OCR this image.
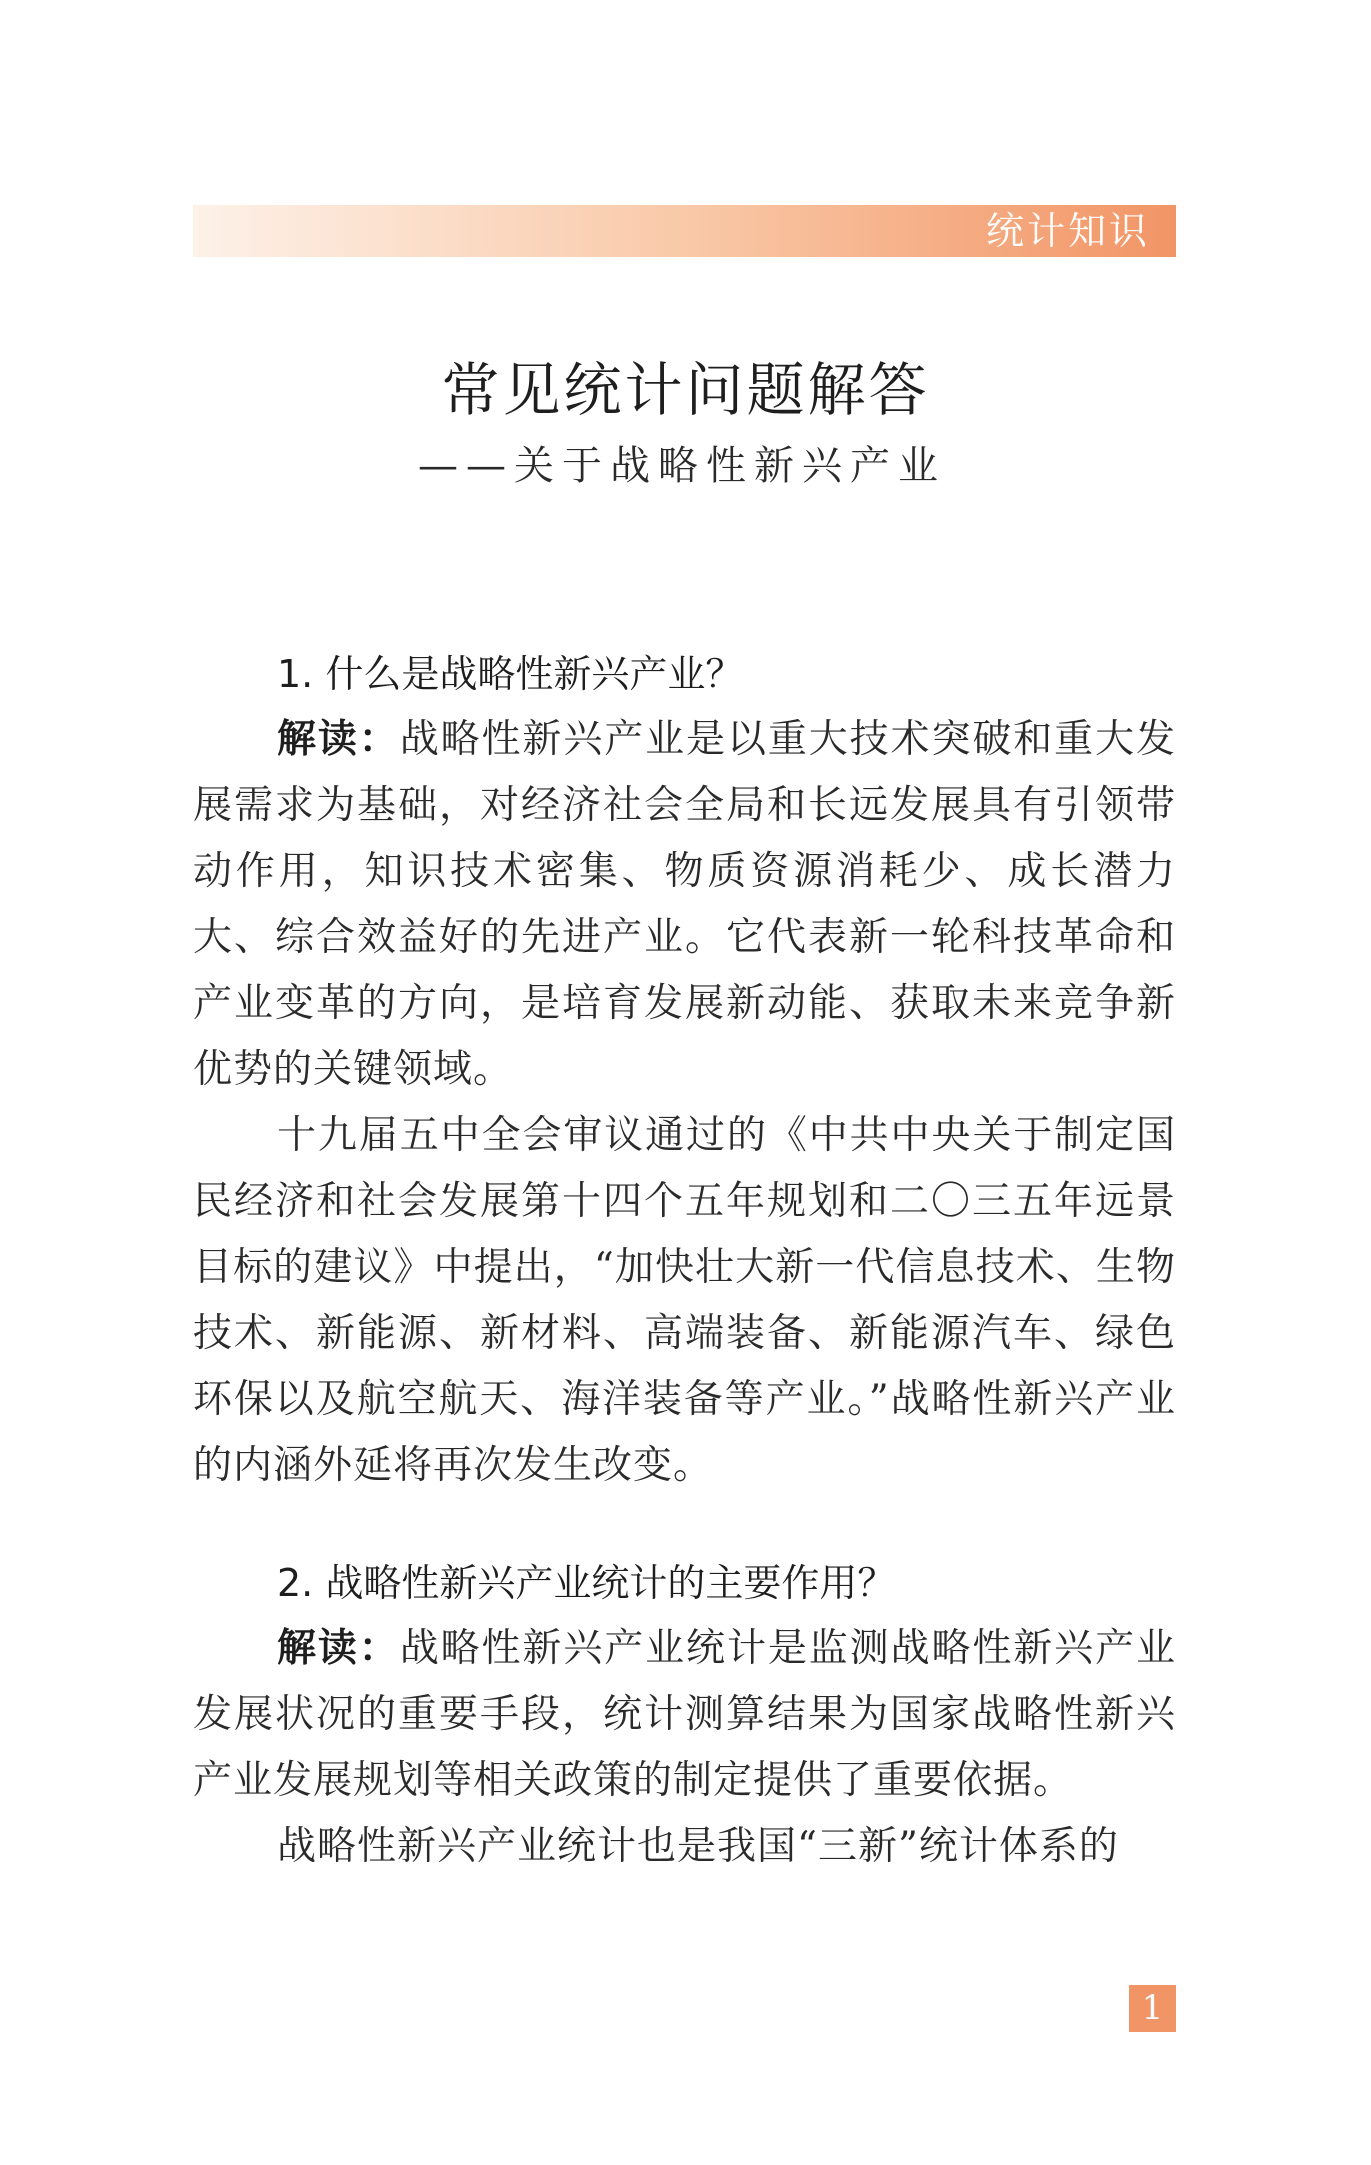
统计知识
常见统计问题解答
——关于战略性新兴产业

1. 什么是战略性新兴产业？

解读：战略性新兴产业是以重大技术突破和重大发展需求为基础，对经济社会全局和长远发展具有引领带动作用，知识技术密集、物质资源消耗少、成长潜力大、综合效益好的先进产业。它代表新一轮科技革命和产业变革的方向，是培育发展新动能、获取未来竞争新优势的关键领域。

十九届五中全会审议通过的《中共中央关于制定国民经济和社会发展第十四个五年规划和二〇三五年远景目标的建议》中提出，“加快壮大新一代信息技术、生物技术、新能源、新材料、高端装备、新能源汽车、绿色环保以及航空航天、海洋装备等产业。”战略性新兴产业的内涵外延将再次发生改变。

2. 战略性新兴产业统计的主要作用？

解读：战略性新兴产业统计是监测战略性新兴产业发展状况的重要手段，统计测算结果为国家战略性新兴产业发展规划等相关政策的制定提供了重要依据。

战略性新兴产业统计也是我国“三新”统计体系的

1
